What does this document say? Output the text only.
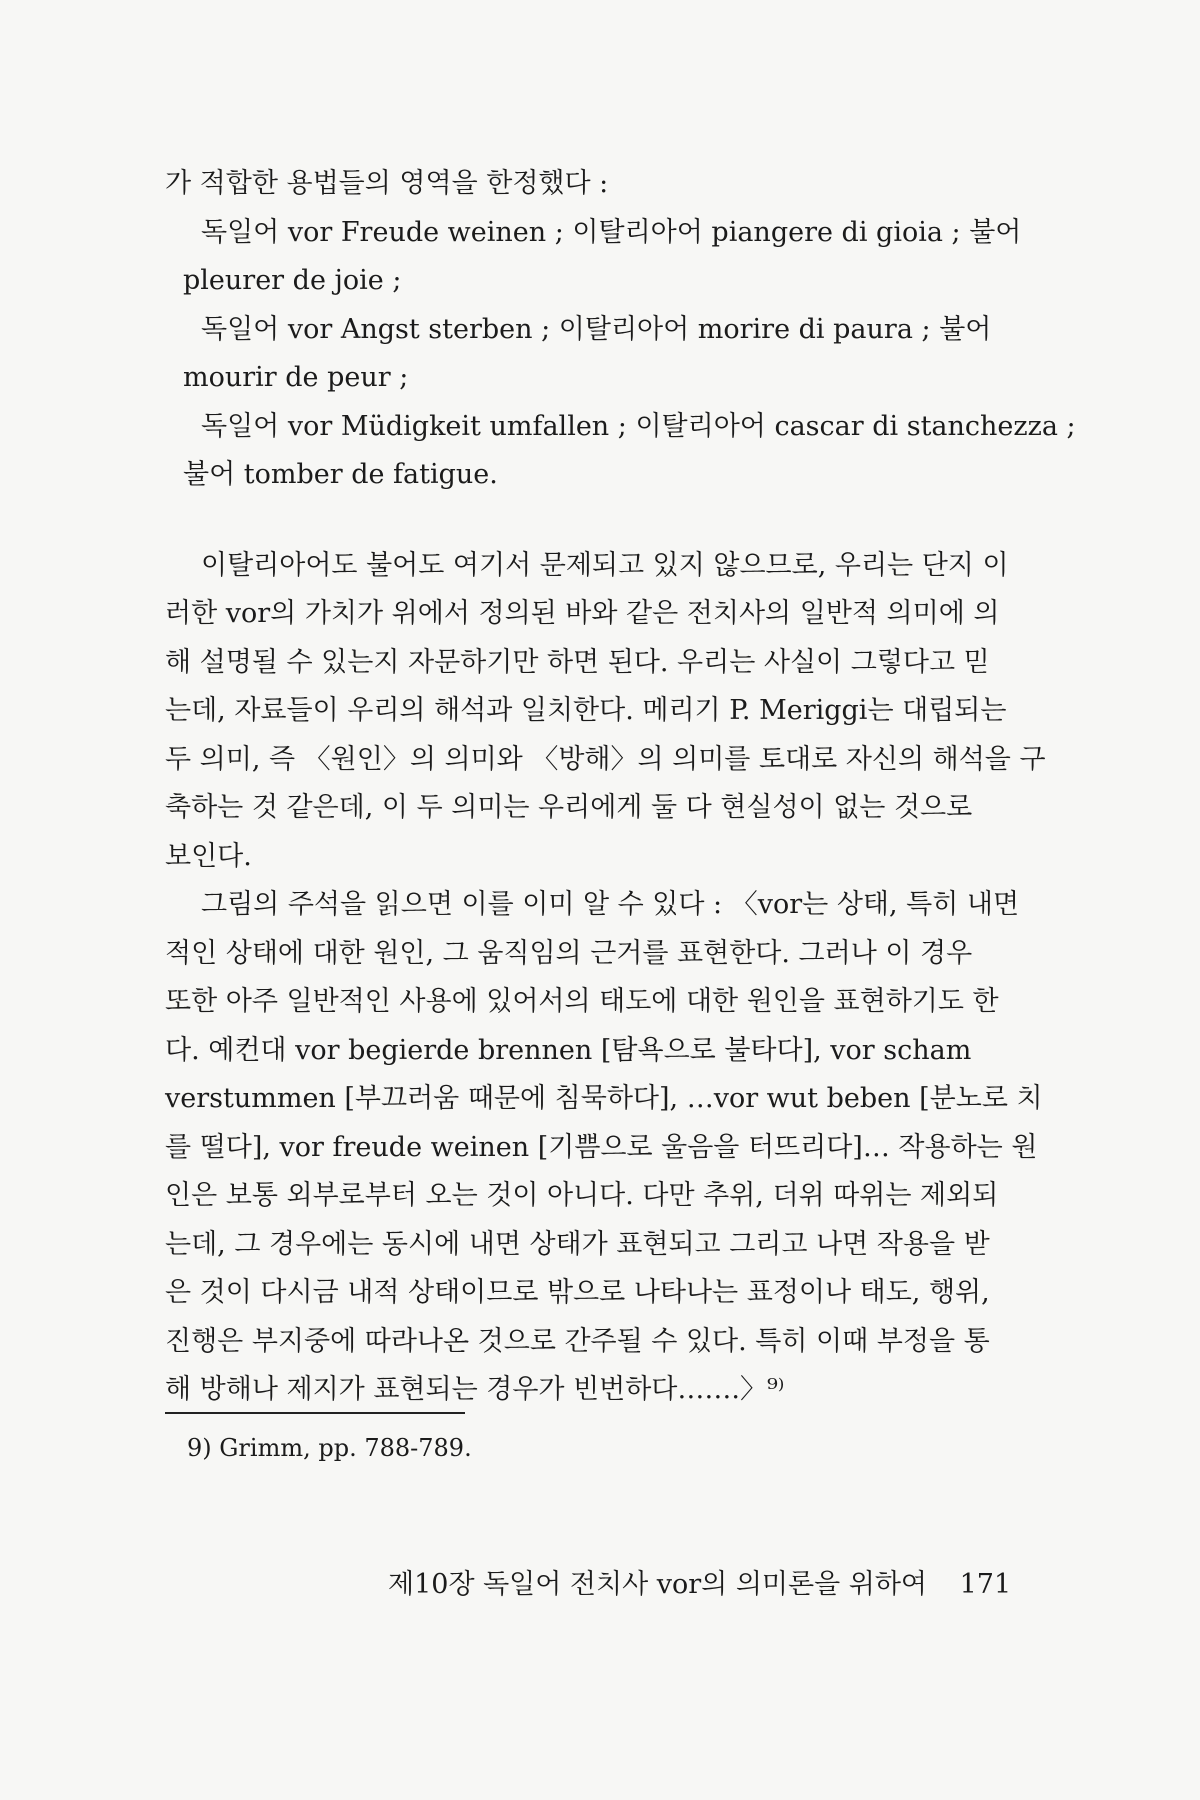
가 적합한 용법들의 영역을 한정했다 :
독일어 vor Freude weinen ; 이탈리아어 piangere di gioia ; 불어
pleurer de joie ;
독일어 vor Angst sterben ; 이탈리아어 morire di paura ; 불어
mourir de peur ;
독일어 vor Müdigkeit umfallen ; 이탈리아어 cascar di stanchezza ;
불어 tomber de fatigue.
이탈리아어도 불어도 여기서 문제되고 있지 않으므로, 우리는 단지 이
러한 vor의 가치가 위에서 정의된 바와 같은 전치사의 일반적 의미에 의
해 설명될 수 있는지 자문하기만 하면 된다. 우리는 사실이 그렇다고 믿
는데, 자료들이 우리의 해석과 일치한다. 메리기 P. Meriggi는 대립되는
두 의미, 즉 〈원인〉의 의미와 〈방해〉의 의미를 토대로 자신의 해석을 구
축하는 것 같은데, 이 두 의미는 우리에게 둘 다 현실성이 없는 것으로
보인다.
그림의 주석을 읽으면 이를 이미 알 수 있다 : 〈vor는 상태, 특히 내면
적인 상태에 대한 원인, 그 움직임의 근거를 표현한다. 그러나 이 경우
또한 아주 일반적인 사용에 있어서의 태도에 대한 원인을 표현하기도 한
다. 예컨대 vor begierde brennen [탐욕으로 불타다], vor scham
verstummen [부끄러움 때문에 침묵하다], …vor wut beben [분노로 치
를 떨다], vor freude weinen [기쁨으로 울음을 터뜨리다]… 작용하는 원
인은 보통 외부로부터 오는 것이 아니다. 다만 추위, 더위 따위는 제외되
는데, 그 경우에는 동시에 내면 상태가 표현되고 그리고 나면 작용을 받
은 것이 다시금 내적 상태이므로 밖으로 나타나는 표정이나 태도, 행위,
진행은 부지중에 따라나온 것으로 간주될 수 있다. 특히 이때 부정을 통
해 방해나 제지가 표현되는 경우가 빈번하다…….〉⁹⁾
9) Grimm, pp. 788-789.
제10장 독일어 전치사 vor의 의미론을 위하여 171
